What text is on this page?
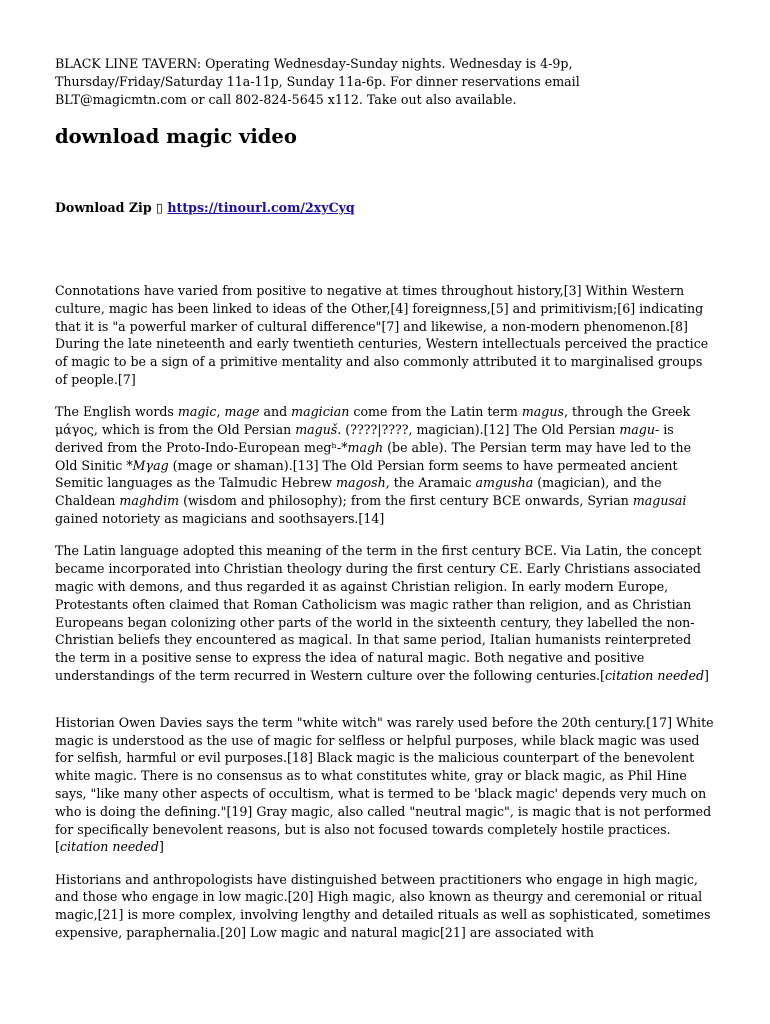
BLACK LINE TAVERN: Operating Wednesday-Sunday nights. Wednesday is 4-9p, Thursday/Friday/Saturday 11a-11p, Sunday 11a-6p. For dinner reservations email BLT@magicmtn.com or call 802-824-5645 x112. Take out also available.

download magic video

Download Zip ▯ https://tinourl.com/2xyCyq

Connotations have varied from positive to negative at times throughout history,[3] Within Western culture, magic has been linked to ideas of the Other,[4] foreignness,[5] and primitivism;[6] indicating that it is "a powerful marker of cultural difference"[7] and likewise, a non-modern phenomenon.[8] During the late nineteenth and early twentieth centuries, Western intellectuals perceived the practice of magic to be a sign of a primitive mentality and also commonly attributed it to marginalised groups of people.[7]

The English words magic, mage and magician come from the Latin term magus, through the Greek μάγος, which is from the Old Persian maguš. (????|????, magician).[12] The Old Persian magu- is derived from the Proto-Indo-European megʰ-*magh (be able). The Persian term may have led to the Old Sinitic *Mγag (mage or shaman).[13] The Old Persian form seems to have permeated ancient Semitic languages as the Talmudic Hebrew magosh, the Aramaic amgusha (magician), and the Chaldean maghdim (wisdom and philosophy); from the first century BCE onwards, Syrian magusai gained notoriety as magicians and soothsayers.[14]

The Latin language adopted this meaning of the term in the first century BCE. Via Latin, the concept became incorporated into Christian theology during the first century CE. Early Christians associated magic with demons, and thus regarded it as against Christian religion. In early modern Europe, Protestants often claimed that Roman Catholicism was magic rather than religion, and as Christian Europeans began colonizing other parts of the world in the sixteenth century, they labelled the non-Christian beliefs they encountered as magical. In that same period, Italian humanists reinterpreted the term in a positive sense to express the idea of natural magic. Both negative and positive understandings of the term recurred in Western culture over the following centuries.[citation needed]

Historian Owen Davies says the term "white witch" was rarely used before the 20th century.[17] White magic is understood as the use of magic for selfless or helpful purposes, while black magic was used for selfish, harmful or evil purposes.[18] Black magic is the malicious counterpart of the benevolent white magic. There is no consensus as to what constitutes white, gray or black magic, as Phil Hine says, "like many other aspects of occultism, what is termed to be 'black magic' depends very much on who is doing the defining."[19] Gray magic, also called "neutral magic", is magic that is not performed for specifically benevolent reasons, but is also not focused towards completely hostile practices.[citation needed]

Historians and anthropologists have distinguished between practitioners who engage in high magic, and those who engage in low magic.[20] High magic, also known as theurgy and ceremonial or ritual magic,[21] is more complex, involving lengthy and detailed rituals as well as sophisticated, sometimes expensive, paraphernalia.[20] Low magic and natural magic[21] are associated with
